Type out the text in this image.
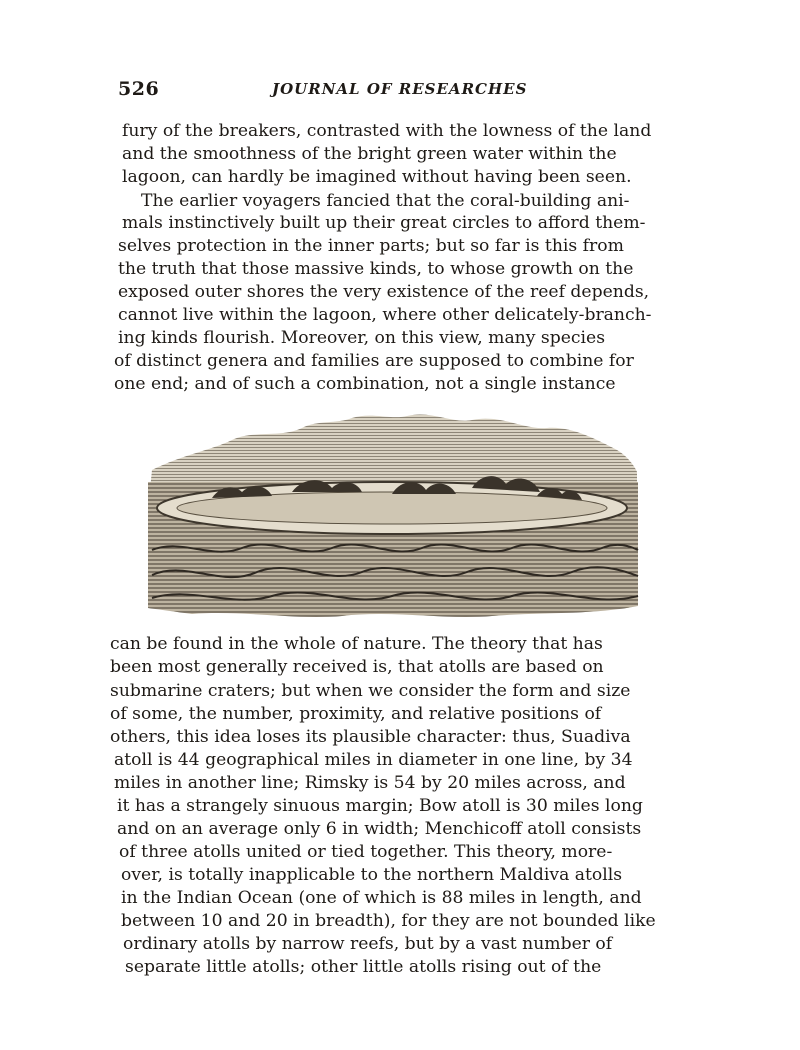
526	JOURNAL OF RESEARCHES
fury of the breakers, contrasted with the lowness of the land
and the smoothness of the bright green water within the
lagoon, can hardly be imagined without having been seen.
The earlier voyagers fancied that the coral-building ani-
mals instinctively built up their great circles to afford them-
selves protection in the inner parts; but so far is this from
the truth that those massive kinds, to whose growth on the
exposed outer shores the very existence of the reef depends,
cannot live within the lagoon, where other delicately-branch-
ing kinds flourish. Moreover, on this view, many species
of distinct genera and families are supposed to combine for
one end; and of such a combination, not a single instance
can be found in the whole of nature. The theory that has
been most generally received is, that atolls are based on
submarine craters; but when we consider the form and size
of some, the number, proximity, and relative positions of
others, this idea loses its plausible character: thus, Suadiva
atoll is 44 geographical miles in diameter in one line, by 34
miles in another line; Rimsky is 54 by 20 miles across, and
it has a strangely sinuous margin; Bow atoll is 30 miles long
and on an average only 6 in width; Menchicoff atoll consists
of three atolls united or tied together. This theory, more-
over, is totally inapplicable to the northern Maldiva atolls
in the Indian Ocean (one of which is 88 miles in length, and
between 10 and 20 in breadth), for they are not bounded like
ordinary atolls by narrow reefs, but by a vast number of
separate little atolls; other little atolls rising out of the
